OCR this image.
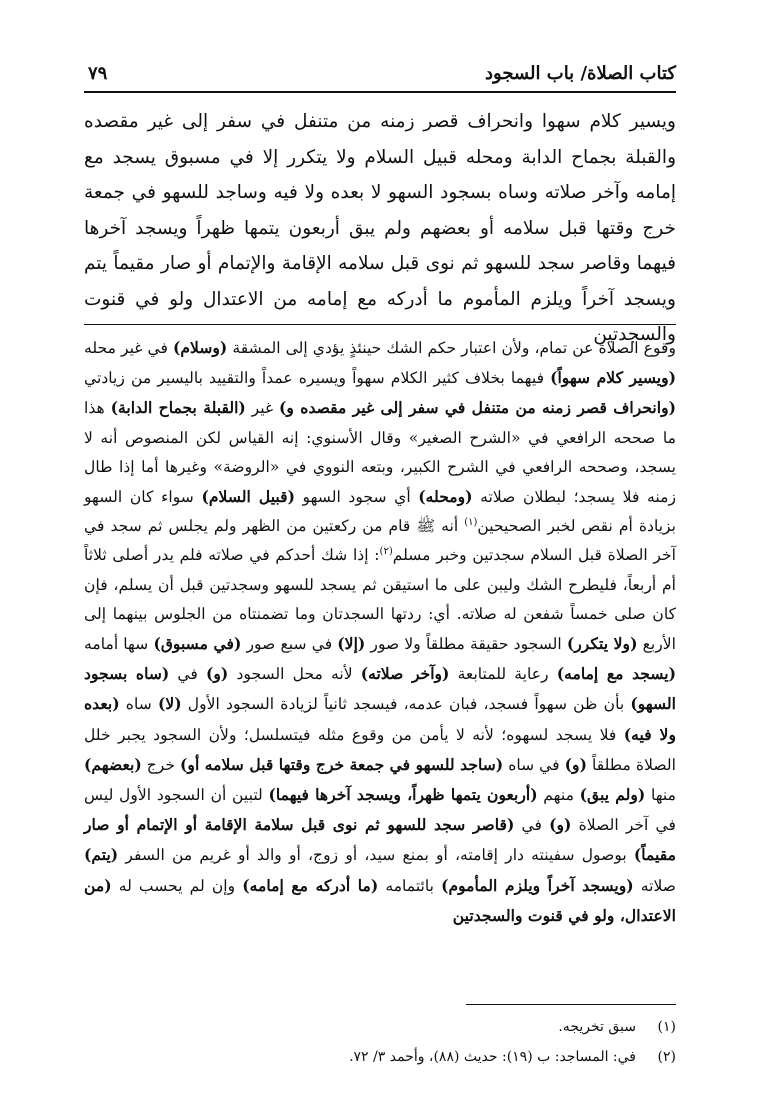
كتاب الصلاة/ باب السجود
٧٩

ويسير كلام سهوا وانحراف قصر زمنه من متنفل في سفر إلى غير مقصده والقبلة بجماح الدابة ومحله قبيل السلام ولا يتكرر إلا في مسبوق يسجد مع إمامه وآخر صلاته وساه بسجود السهو لا بعده ولا فيه وساجد للسهو في جمعة خرج وقتها قبل سلامه أو بعضهم ولم يبق أربعون يتمها ظهراً ويسجد آخرها فيهما وقاصر سجد للسهو ثم نوى قبل سلامه الإقامة والإتمام أو صار مقيماً يتم ويسجد آخراً ويلزم المأموم ما أدركه مع إمامه من الاعتدال ولو في قنوت والسجدتين

وقوع الصلاة عن تمام، ولأن اعتبار حكم الشك حينئذٍ يؤدي إلى المشقة (وسلام) في غير محله (ويسير كلام سهواً) فيهما بخلاف كثير الكلام سهواً ويسيره عمداً والتقييد باليسير من زيادتي (وانحراف قصر زمنه من متنفل في سفر إلى غير مقصده و) غير (القبلة بجماح الدابة) هذا ما صححه الرافعي في «الشرح الصغير» وقال الأسنوي: إنه القياس لكن المنصوص أنه لا يسجد، وصححه الرافعي في الشرح الكبير، وبتعه النووي في «الروضة» وغيرها أما إذا طال زمنه فلا يسجد؛ لبطلان صلاته (ومحله) أي سجود السهو (قبيل السلام) سواء كان السهو بزيادة أم نقص لخبر الصحيحين$^{(١)}$ أنه ﷺ قام من ركعتين من الظهر ولم يجلس ثم سجد في آخر الصلاة قبل السلام سجدتين وخبر مسلم$^{(٢)}$: إذا شك أحدكم في صلاته فلم يدر أصلى ثلاثاً أم أربعاً، فليطرح الشك وليبن على ما استيقن ثم يسجد للسهو وسجدتين قبل أن يسلم، فإن كان صلى خمساً شفعن له صلاته. أي: ردتها السجدتان وما تضمنتاه من الجلوس بينهما إلى الأربع (ولا يتكرر) السجود حقيقة مطلقاً ولا صور (إلا) في سبع صور (في مسبوق) سها أمامه (يسجد مع إمامه) رعاية للمتابعة (وآخر صلاته) لأنه محل السجود (و) في (ساه بسجود السهو) بأن ظن سهواً فسجد، فبان عدمه، فيسجد ثانياً لزيادة السجود الأول (لا) ساه (بعده ولا فيه) فلا يسجد لسهوه؛ لأنه لا يأمن من وقوع مثله فيتسلسل؛ ولأن السجود يجبر خلل الصلاة مطلقاً (و) في ساه (ساجد للسهو في جمعة خرج وقتها قبل سلامه أو) خرج (بعضهم) منها (ولم يبق) منهم (أربعون يتمها ظهراً، ويسجد آخرها فيهما) لتبين أن السجود الأول ليس في آخر الصلاة (و) في (قاصر سجد للسهو ثم نوى قبل سلامة الإقامة أو الإتمام أو صار مقيماً) بوصول سفينته دار إقامته، أو بمنع سيد، أو زوج، أو والد أو غريم من السفر (يتم) صلاته (ويسجد آخراً ويلزم المأموم) بائتمامه (ما أدركه مع إمامه) وإن لم يحسب له (من الاعتدال، ولو في قنوت والسجدتين

(١)
سبق تخريجه.
(٢)
في: المساجد: ب (١٩): حديث (٨٨)، وأحمد ٣/ ٧٢.
